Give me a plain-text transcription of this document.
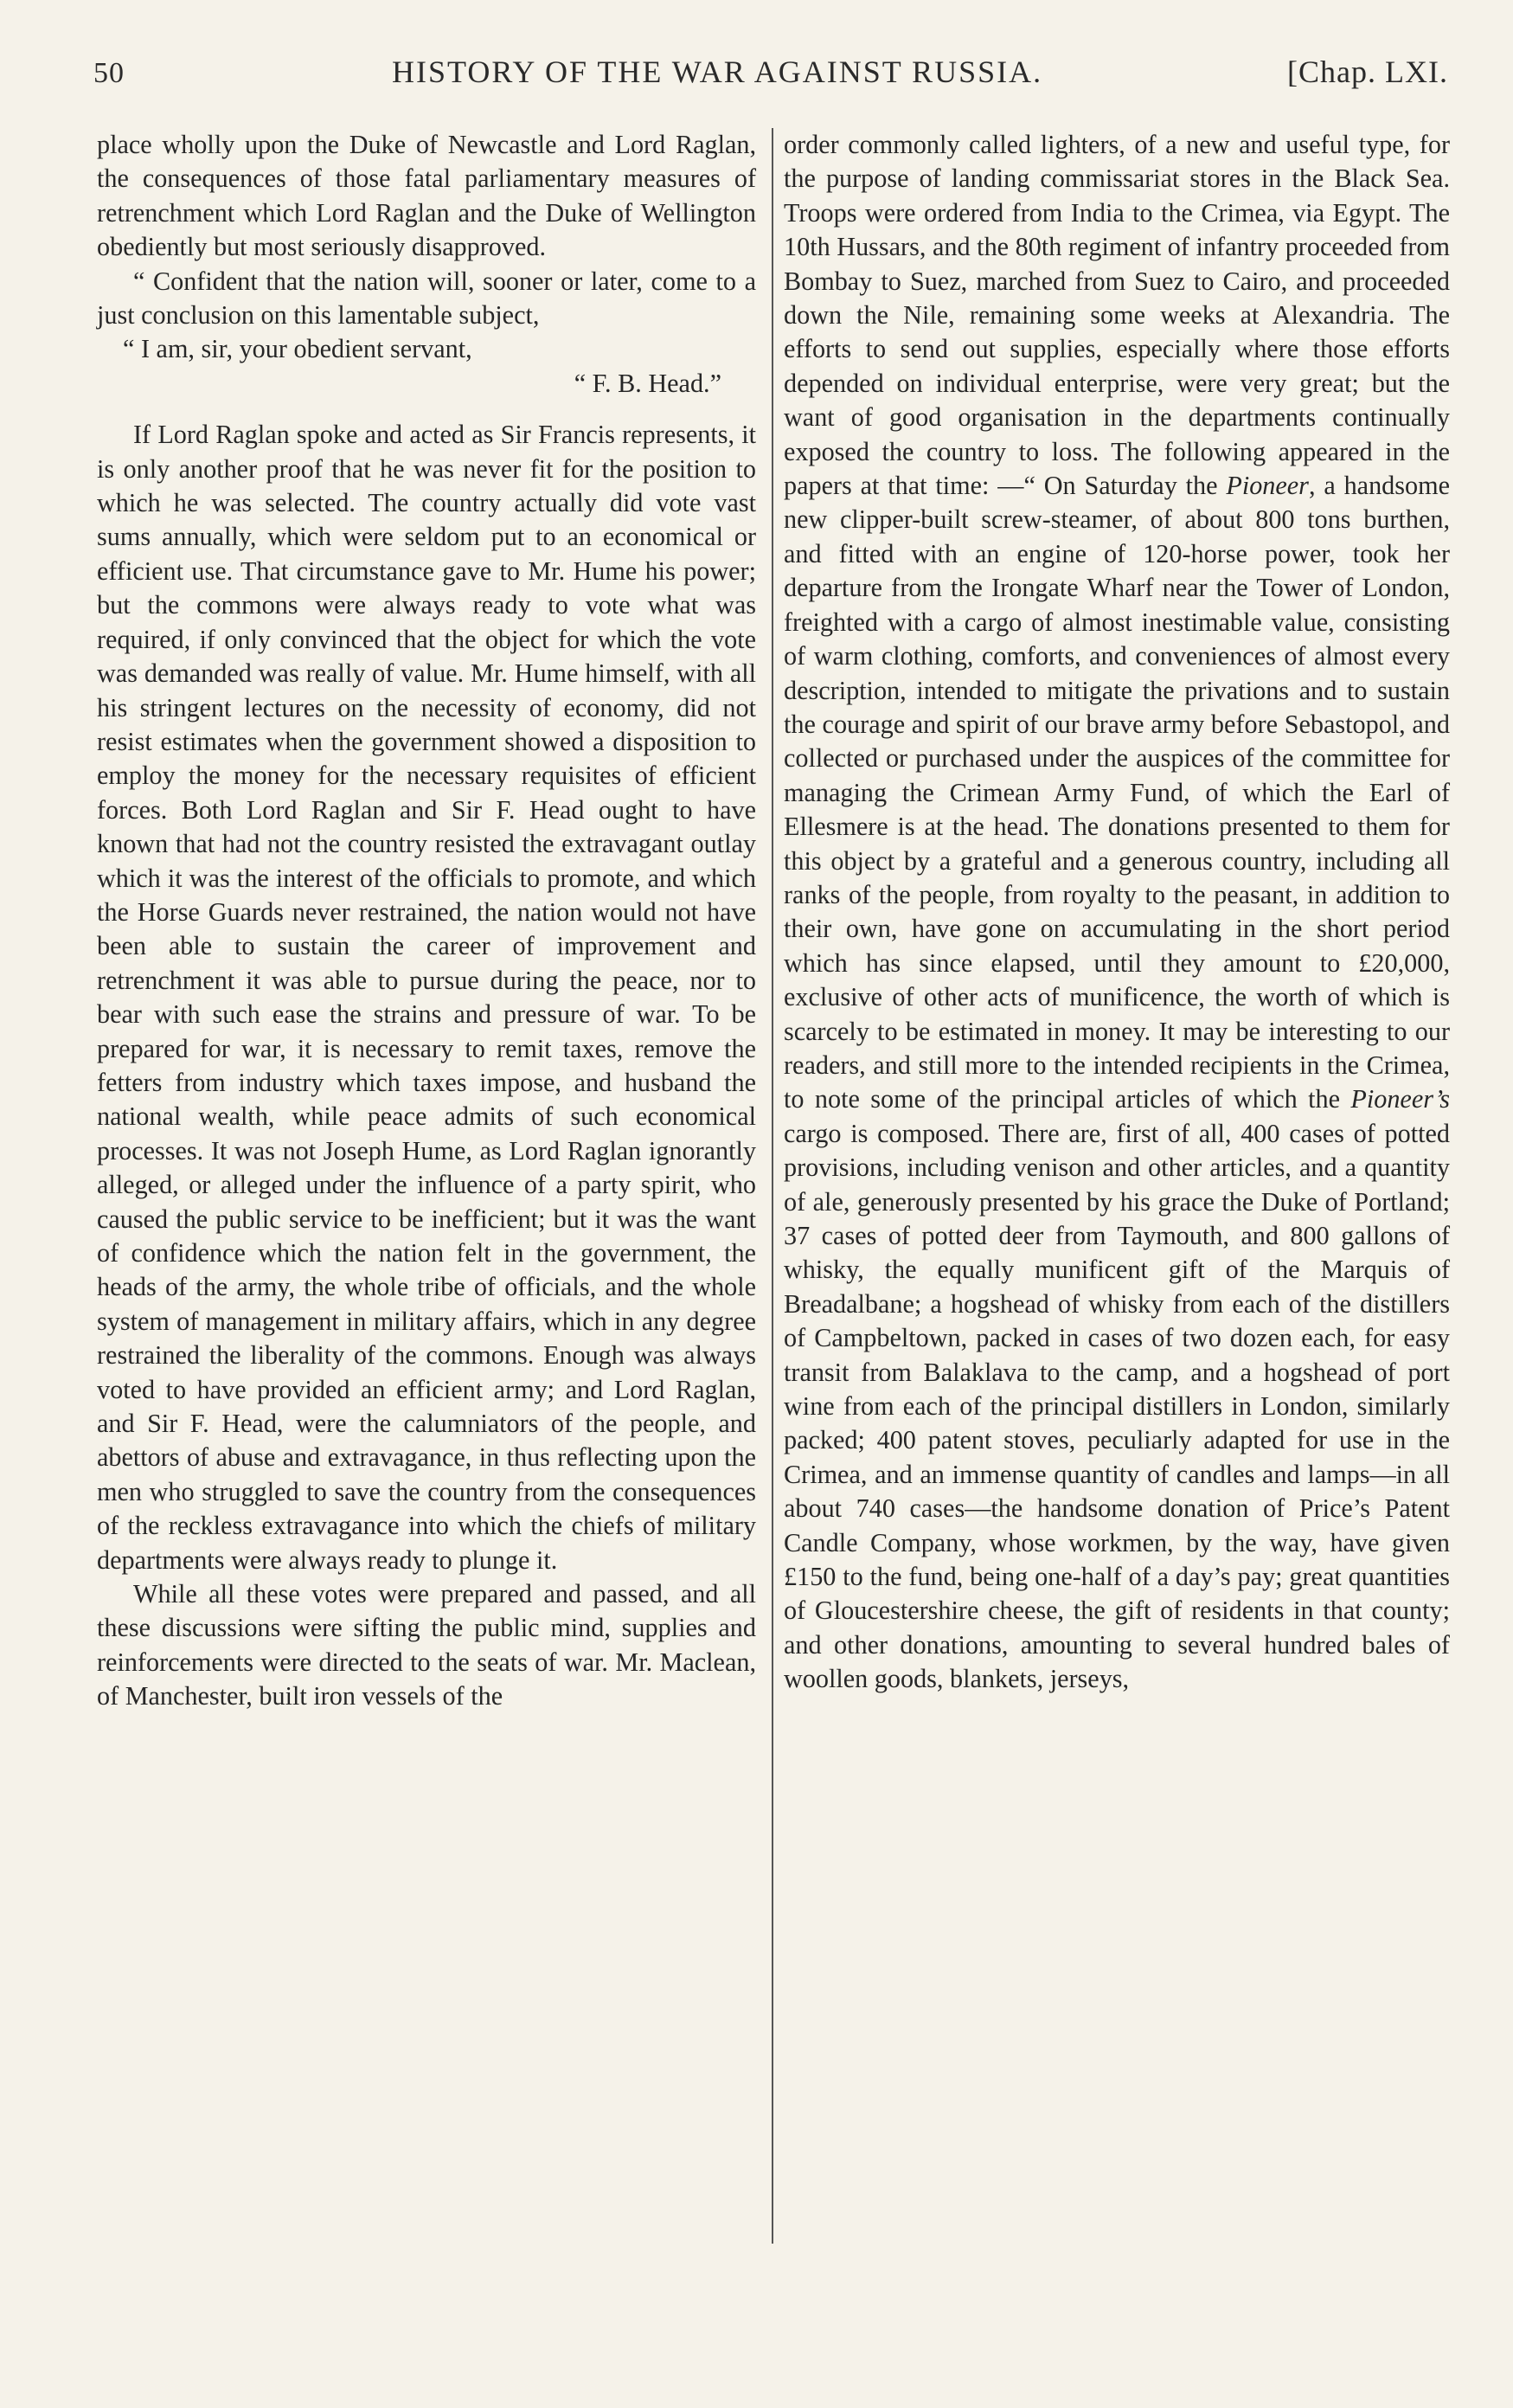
50	HISTORY OF THE WAR AGAINST RUSSIA.	[Chap. LXI.

place wholly upon the Duke of Newcastle and Lord Raglan, the consequences of those fatal parliamentary measures of retrenchment which Lord Raglan and the Duke of Wellington obediently but most seriously disapproved.

“ Confident that the nation will, sooner or later, come to a just conclusion on this lamentable subject,

“ I am, sir, your obedient servant,

“ F. B. Head.”

If Lord Raglan spoke and acted as Sir Francis represents, it is only another proof that he was never fit for the position to which he was selected. The country actually did vote vast sums annually, which were seldom put to an economical or efficient use. That circumstance gave to Mr. Hume his power; but the commons were always ready to vote what was required, if only convinced that the object for which the vote was demanded was really of value. Mr. Hume himself, with all his stringent lectures on the necessity of economy, did not resist estimates when the government showed a disposition to employ the money for the necessary requisites of efficient forces. Both Lord Raglan and Sir F. Head ought to have known that had not the country resisted the extravagant outlay which it was the interest of the officials to promote, and which the Horse Guards never restrained, the nation would not have been able to sustain the career of improvement and retrenchment it was able to pursue during the peace, nor to bear with such ease the strains and pressure of war. To be prepared for war, it is necessary to remit taxes, remove the fetters from industry which taxes impose, and husband the national wealth, while peace admits of such economical processes. It was not Joseph Hume, as Lord Raglan ignorantly alleged, or alleged under the influence of a party spirit, who caused the public service to be inefficient; but it was the want of confidence which the nation felt in the government, the heads of the army, the whole tribe of officials, and the whole system of management in military affairs, which in any degree restrained the liberality of the commons. Enough was always voted to have provided an efficient army; and Lord Raglan, and Sir F. Head, were the calumniators of the people, and abettors of abuse and extravagance, in thus reflecting upon the men who struggled to save the country from the consequences of the reckless extravagance into which the chiefs of military departments were always ready to plunge it.

While all these votes were prepared and passed, and all these discussions were sifting the public mind, supplies and reinforcements were directed to the seats of war. Mr. Maclean, of Manchester, built iron vessels of the

order commonly called lighters, of a new and useful type, for the purpose of landing commissariat stores in the Black Sea. Troops were ordered from India to the Crimea, via Egypt. The 10th Hussars, and the 80th regiment of infantry proceeded from Bombay to Suez, marched from Suez to Cairo, and proceeded down the Nile, remaining some weeks at Alexandria. The efforts to send out supplies, especially where those efforts depended on individual enterprise, were very great; but the want of good organisation in the departments continually exposed the country to loss. The following appeared in the papers at that time: —“ On Saturday the Pioneer, a handsome new clipper-built screw-steamer, of about 800 tons burthen, and fitted with an engine of 120-horse power, took her departure from the Irongate Wharf near the Tower of London, freighted with a cargo of almost inestimable value, consisting of warm clothing, comforts, and conveniences of almost every description, intended to mitigate the privations and to sustain the courage and spirit of our brave army before Sebastopol, and collected or purchased under the auspices of the committee for managing the Crimean Army Fund, of which the Earl of Ellesmere is at the head. The donations presented to them for this object by a grateful and a generous country, including all ranks of the people, from royalty to the peasant, in addition to their own, have gone on accumulating in the short period which has since elapsed, until they amount to £20,000, exclusive of other acts of munificence, the worth of which is scarcely to be estimated in money. It may be interesting to our readers, and still more to the intended recipients in the Crimea, to note some of the principal articles of which the Pioneer’s cargo is composed. There are, first of all, 400 cases of potted provisions, including venison and other articles, and a quantity of ale, generously presented by his grace the Duke of Portland; 37 cases of potted deer from Taymouth, and 800 gallons of whisky, the equally munificent gift of the Marquis of Breadalbane; a hogshead of whisky from each of the distillers of Campbeltown, packed in cases of two dozen each, for easy transit from Balaklava to the camp, and a hogshead of port wine from each of the principal distillers in London, similarly packed; 400 patent stoves, peculiarly adapted for use in the Crimea, and an immense quantity of candles and lamps—in all about 740 cases—the handsome donation of Price’s Patent Candle Company, whose workmen, by the way, have given £150 to the fund, being one-half of a day’s pay; great quantities of Gloucestershire cheese, the gift of residents in that county; and other donations, amounting to several hundred bales of woollen goods, blankets, jerseys,
